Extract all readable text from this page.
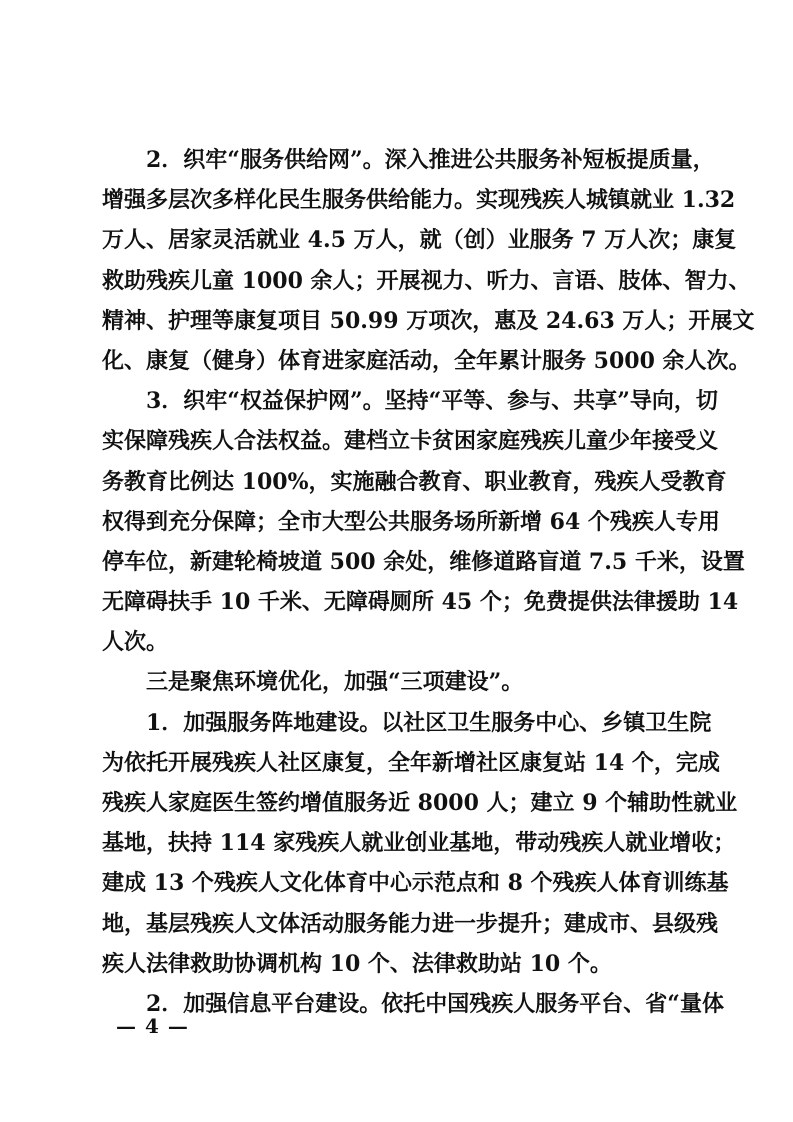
2．织牢“服务供给网”。深入推进公共服务补短板提质量，
增强多层次多样化民生服务供给能力。实现残疾人城镇就业 1.32
万人、居家灵活就业 4.5 万人，就（创）业服务 7 万人次；康复
救助残疾儿童 1000 余人；开展视力、听力、言语、肢体、智力、
精神、护理等康复项目 50.99 万项次，惠及 24.63 万人；开展文
化、康复（健身）体育进家庭活动，全年累计服务 5000 余人次。
3．织牢“权益保护网”。坚持“平等、参与、共享”导向，切
实保障残疾人合法权益。建档立卡贫困家庭残疾儿童少年接受义
务教育比例达 100%，实施融合教育、职业教育，残疾人受教育
权得到充分保障；全市大型公共服务场所新增 64 个残疾人专用
停车位，新建轮椅坡道 500 余处，维修道路盲道 7.5 千米，设置
无障碍扶手 10 千米、无障碍厕所 45 个；免费提供法律援助 14
人次。
三是聚焦环境优化，加强“三项建设”。
1．加强服务阵地建设。以社区卫生服务中心、乡镇卫生院
为依托开展残疾人社区康复，全年新增社区康复站 14 个，完成
残疾人家庭医生签约增值服务近 8000 人；建立 9 个辅助性就业
基地，扶持 114 家残疾人就业创业基地，带动残疾人就业增收；
建成 13 个残疾人文化体育中心示范点和 8 个残疾人体育训练基
地，基层残疾人文体活动服务能力进一步提升；建成市、县级残
疾人法律救助协调机构 10 个、法律救助站 10 个。
2．加强信息平台建设。依托中国残疾人服务平台、省“量体
— 4 —
